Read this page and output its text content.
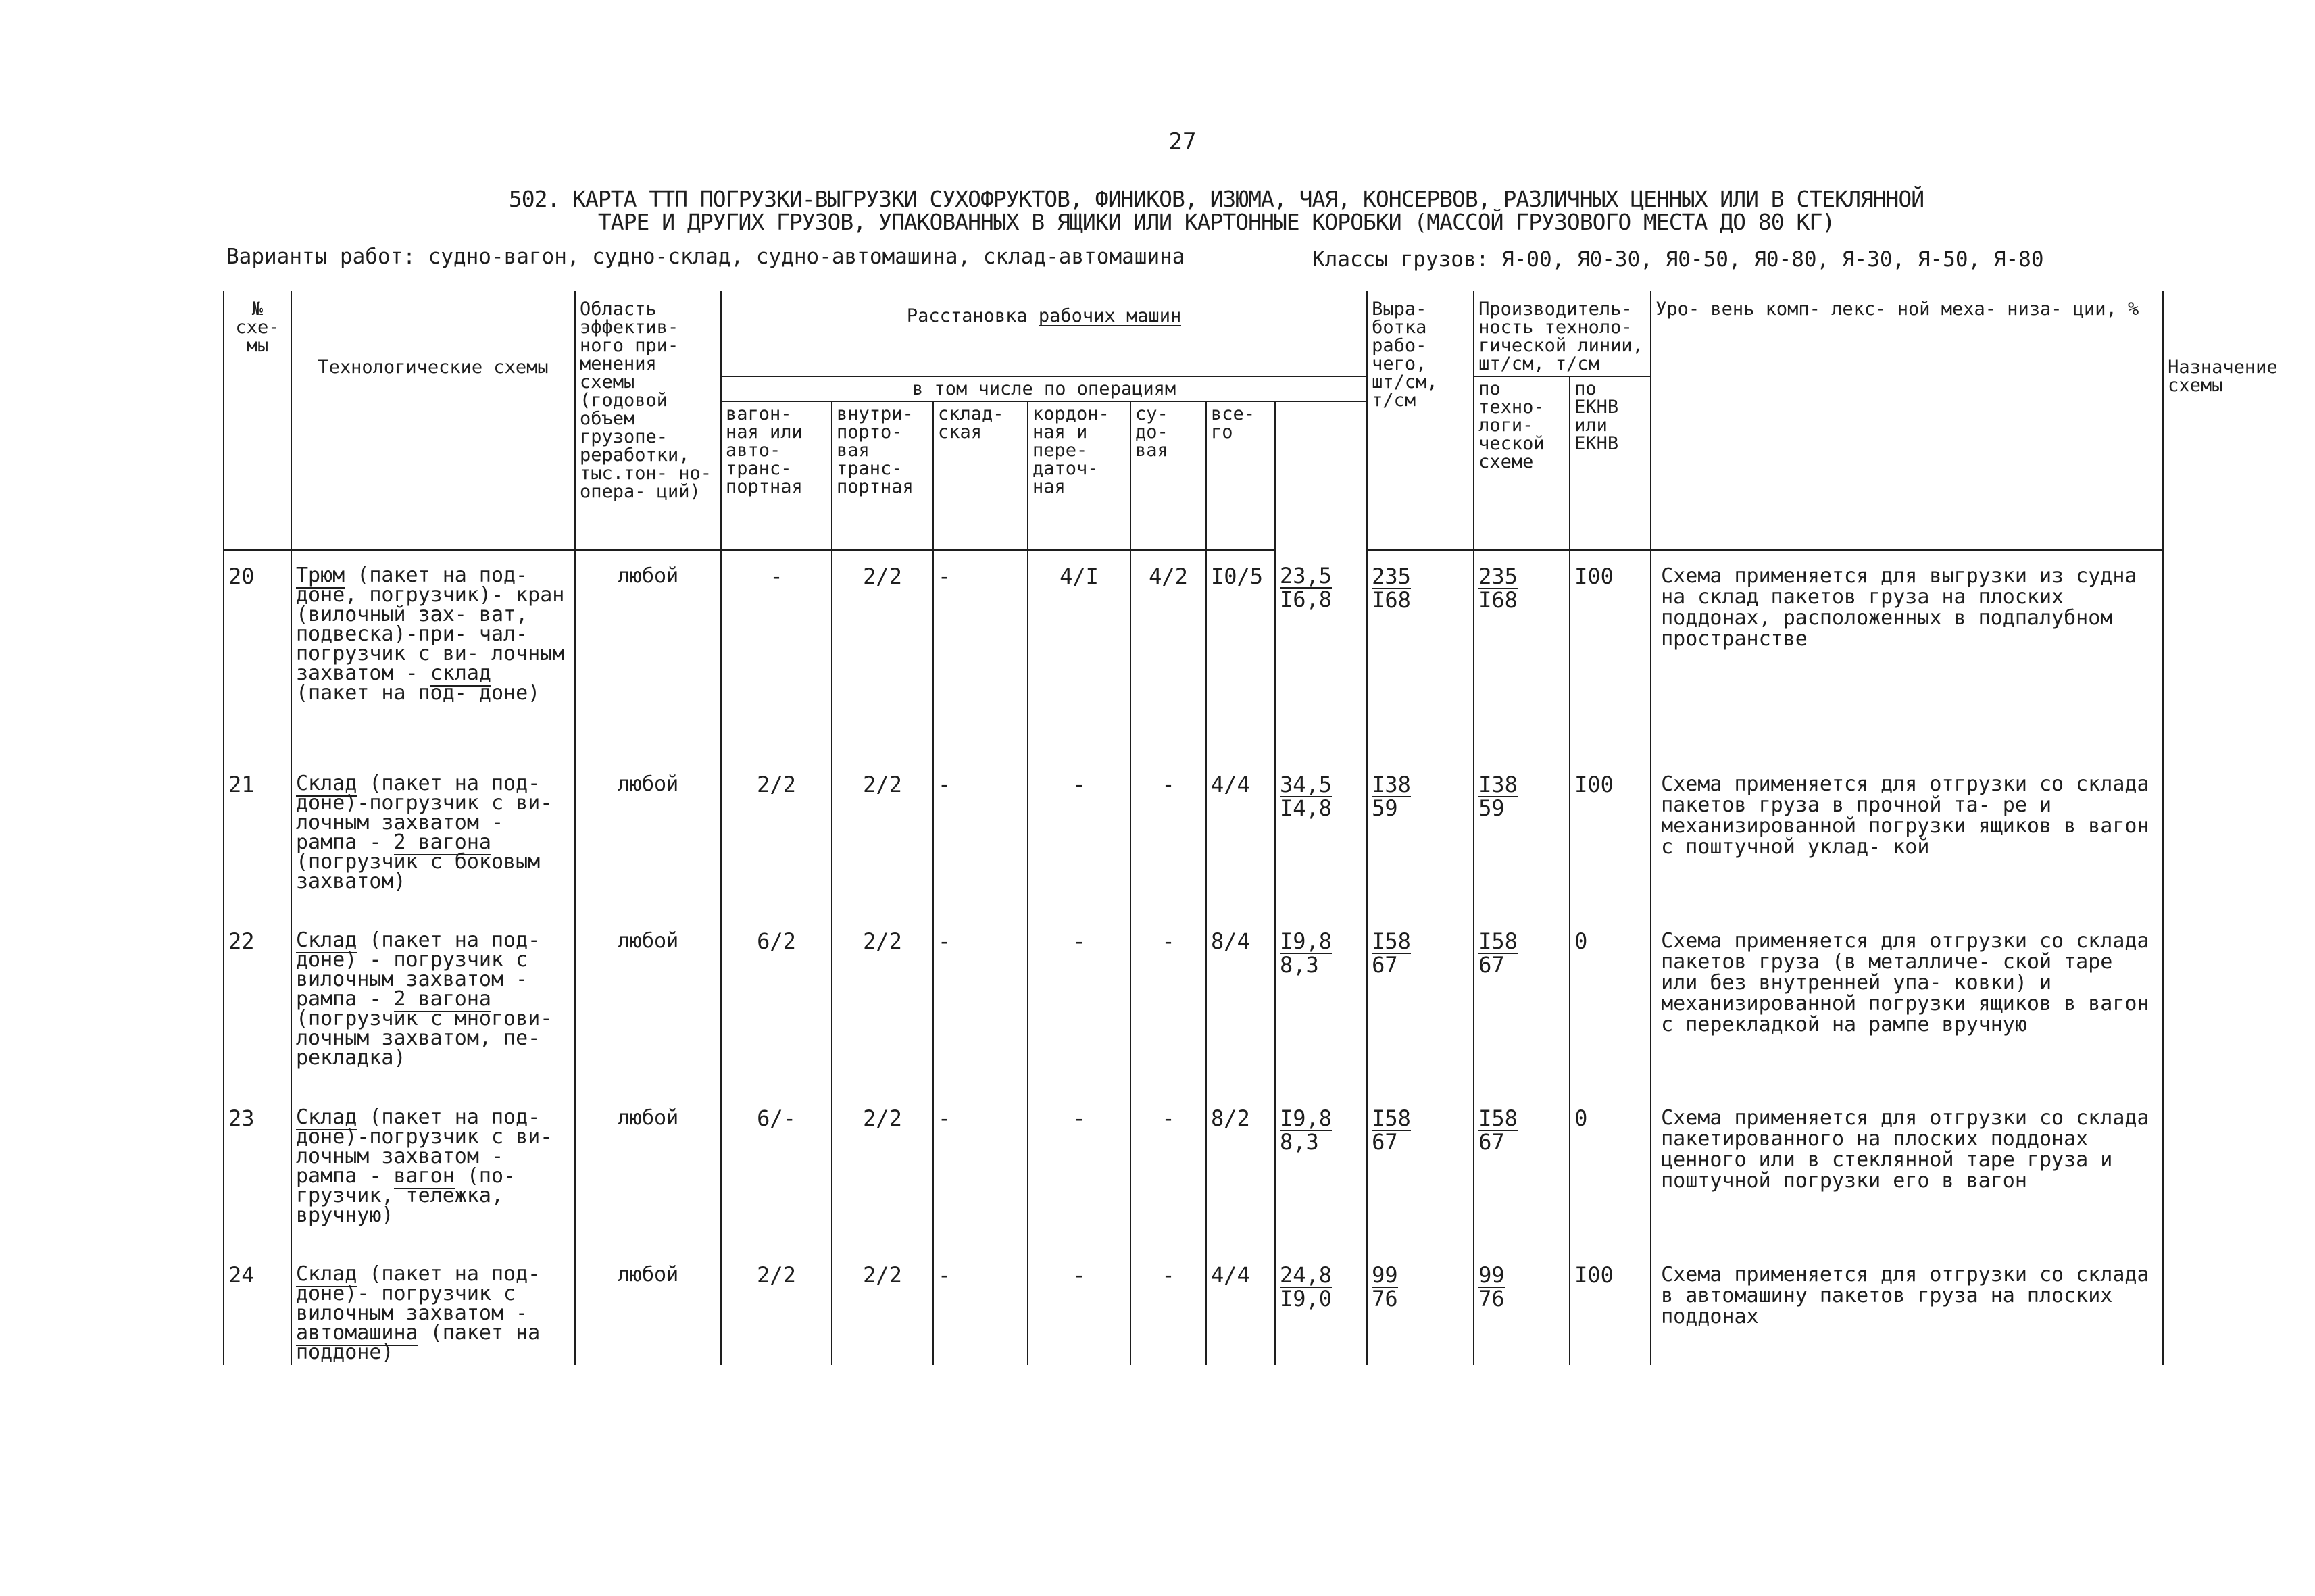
27
502. КАРТА ТТП ПОГРУЗКИ-ВЫГРУЗКИ СУХОФРУКТОВ, ФИНИКОВ, ИЗЮМА, ЧАЯ, КОНСЕРВОВ, РАЗЛИЧНЫХ ЦЕННЫХ ИЛИ В СТЕКЛЯННОЙ
ТАРЕ И ДРУГИХ ГРУЗОВ, УПАКОВАННЫХ В ЯЩИКИ ИЛИ КАРТОННЫЕ КОРОБКИ (МАССОЙ ГРУЗОВОГО МЕСТА ДО 80 КГ)
Варианты работ: судно-вагон, судно-склад, судно-автомашина, склад-автомашина	Классы грузов: Я-00, Я0-30, Я0-50, Я0-80, Я-30, Я-50, Я-80
№ схе- мы	Технологические схемы	Область эффектив- ного при- менения схемы (годовой объем грузопе- реработки, тыс.тон- но-опера- ций)	Расстановка рабочих машин							Выра- ботка рабо- чего, шт/см, т/см	Производитель- ность техноло- гической линии, шт/см, т/см		Уро- вень комп- лекс- ной меха- низа- ции, %	Назначение схемы
			в том числе по операциям								по техно- логи- ческой схеме	по ЕКНВ или ЕКНВ		
			вагон- ная или авто- транс- портная	внутри- порто- вая транс- портная	склад- ская	кордон- ная и пере- даточ- ная	су- до- вая	все- го						
20	Трюм (пакет на под- доне, погрузчик)- кран (вилочный зах- ват, подвеска)-при- чал-погрузчик с ви- лочным захватом - склад (пакет на под- доне)	любой	-	2/2	-	4/I	4/2	I0/5	$\frac{23,5}{I6,8}$	$\frac{235}{I68}$	$\frac{235}{I68}$	I00	Схема применяется для выгрузки из судна на склад пакетов груза на плоских поддонах, расположенных в подпалубном пространстве	
21	Склад (пакет на под- доне)-погрузчик с ви- лочным захватом - рампа - 2 вагона (погрузчик с боковым захватом)	любой	2/2	2/2	-	-	-	4/4	$\frac{34,5}{I4,8}$	$\frac{I38}{59}$	$\frac{I38}{59}$	I00	Схема применяется для отгрузки со склада пакетов груза в прочной та- ре и механизированной погрузки ящиков в вагон с поштучной уклад- кой	
22	Склад (пакет на под- доне) - погрузчик с вилочным захватом - рампа - 2 вагона (погрузчик с многови- лочным захватом, пе- рекладка)	любой	6/2	2/2	-	-	-	8/4	$\frac{I9,8}{8,3}$	$\frac{I58}{67}$	$\frac{I58}{67}$	0	Схема применяется для отгрузки со склада пакетов груза (в металличе- ской таре или без внутренней упа- ковки) и механизированной погрузки ящиков в вагон с перекладкой на рампе вручную	
23	Склад (пакет на под- доне)-погрузчик с ви- лочным захватом - рампа - вагон (по- грузчик, тележка, вручную)	любой	6/-	2/2	-	-	-	8/2	$\frac{I9,8}{8,3}$	$\frac{I58}{67}$	$\frac{I58}{67}$	0	Схема применяется для отгрузки со склада пакетированного на плоских поддонах ценного или в стеклянной таре груза и поштучной погрузки его в вагон	
24	Склад (пакет на под- доне)- погрузчик с вилочным захватом - автомашина (пакет на поддоне)	любой	2/2	2/2	-	-	-	4/4	$\frac{24,8}{I9,0}$	$\frac{99}{76}$	$\frac{99}{76}$	I00	Схема применяется для отгрузки со склада в автомашину пакетов груза на плоских поддонах	
